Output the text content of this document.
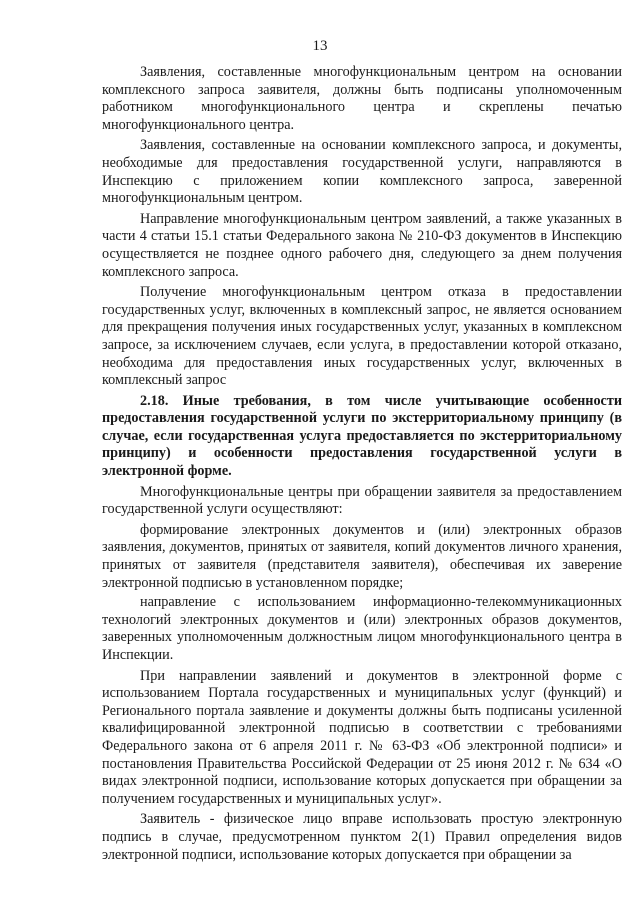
13

Заявления, составленные многофункциональным центром на основании комплексного запроса заявителя, должны быть подписаны уполномоченным работником многофункционального центра и скреплены печатью многофункционального центра.

Заявления, составленные на основании комплексного запроса, и документы, необходимые для предоставления государственной услуги, направляются в Инспекцию с приложением копии комплексного запроса, заверенной многофункциональным центром.

Направление многофункциональным центром заявлений, а также указанных в части 4 статьи 15.1 статьи Федерального закона № 210-ФЗ документов в Инспекцию осуществляется не позднее одного рабочего дня, следующего за днем получения комплексного запроса.

Получение многофункциональным центром отказа в предоставлении государственных услуг, включенных в комплексный запрос, не является основанием для прекращения получения иных государственных услуг, указанных в комплексном запросе, за исключением случаев, если услуга, в предоставлении которой отказано, необходима для предоставления иных государственных услуг, включенных в комплексный запрос

2.18. Иные требования, в том числе учитывающие особенности предоставления государственной услуги по экстерриториальному принципу (в случае, если государственная услуга предоставляется по экстерриториальному принципу) и особенности предоставления государственной услуги в электронной форме.

Многофункциональные центры при обращении заявителя за предоставлением государственной услуги осуществляют:

формирование электронных документов и (или) электронных образов заявления, документов, принятых от заявителя, копий документов личного хранения, принятых от заявителя (представителя заявителя), обеспечивая их заверение электронной подписью в установленном порядке;

направление с использованием информационно-телекоммуникационных технологий электронных документов и (или) электронных образов документов, заверенных уполномоченным должностным лицом многофункционального центра в Инспекции.

При направлении заявлений и документов в электронной форме с использованием Портала государственных и муниципальных услуг (функций) и Регионального портала заявление и документы должны быть подписаны усиленной квалифицированной электронной подписью в соответствии с требованиями Федерального закона от 6 апреля 2011 г. № 63-ФЗ «Об электронной подписи» и постановления Правительства Российской Федерации от 25 июня 2012 г. № 634 «О видах электронной подписи, использование которых допускается при обращении за получением государственных и муниципальных услуг».

Заявитель - физическое лицо вправе использовать простую электронную подпись в случае, предусмотренном пунктом 2(1) Правил определения видов электронной подписи, использование которых допускается при обращении за
